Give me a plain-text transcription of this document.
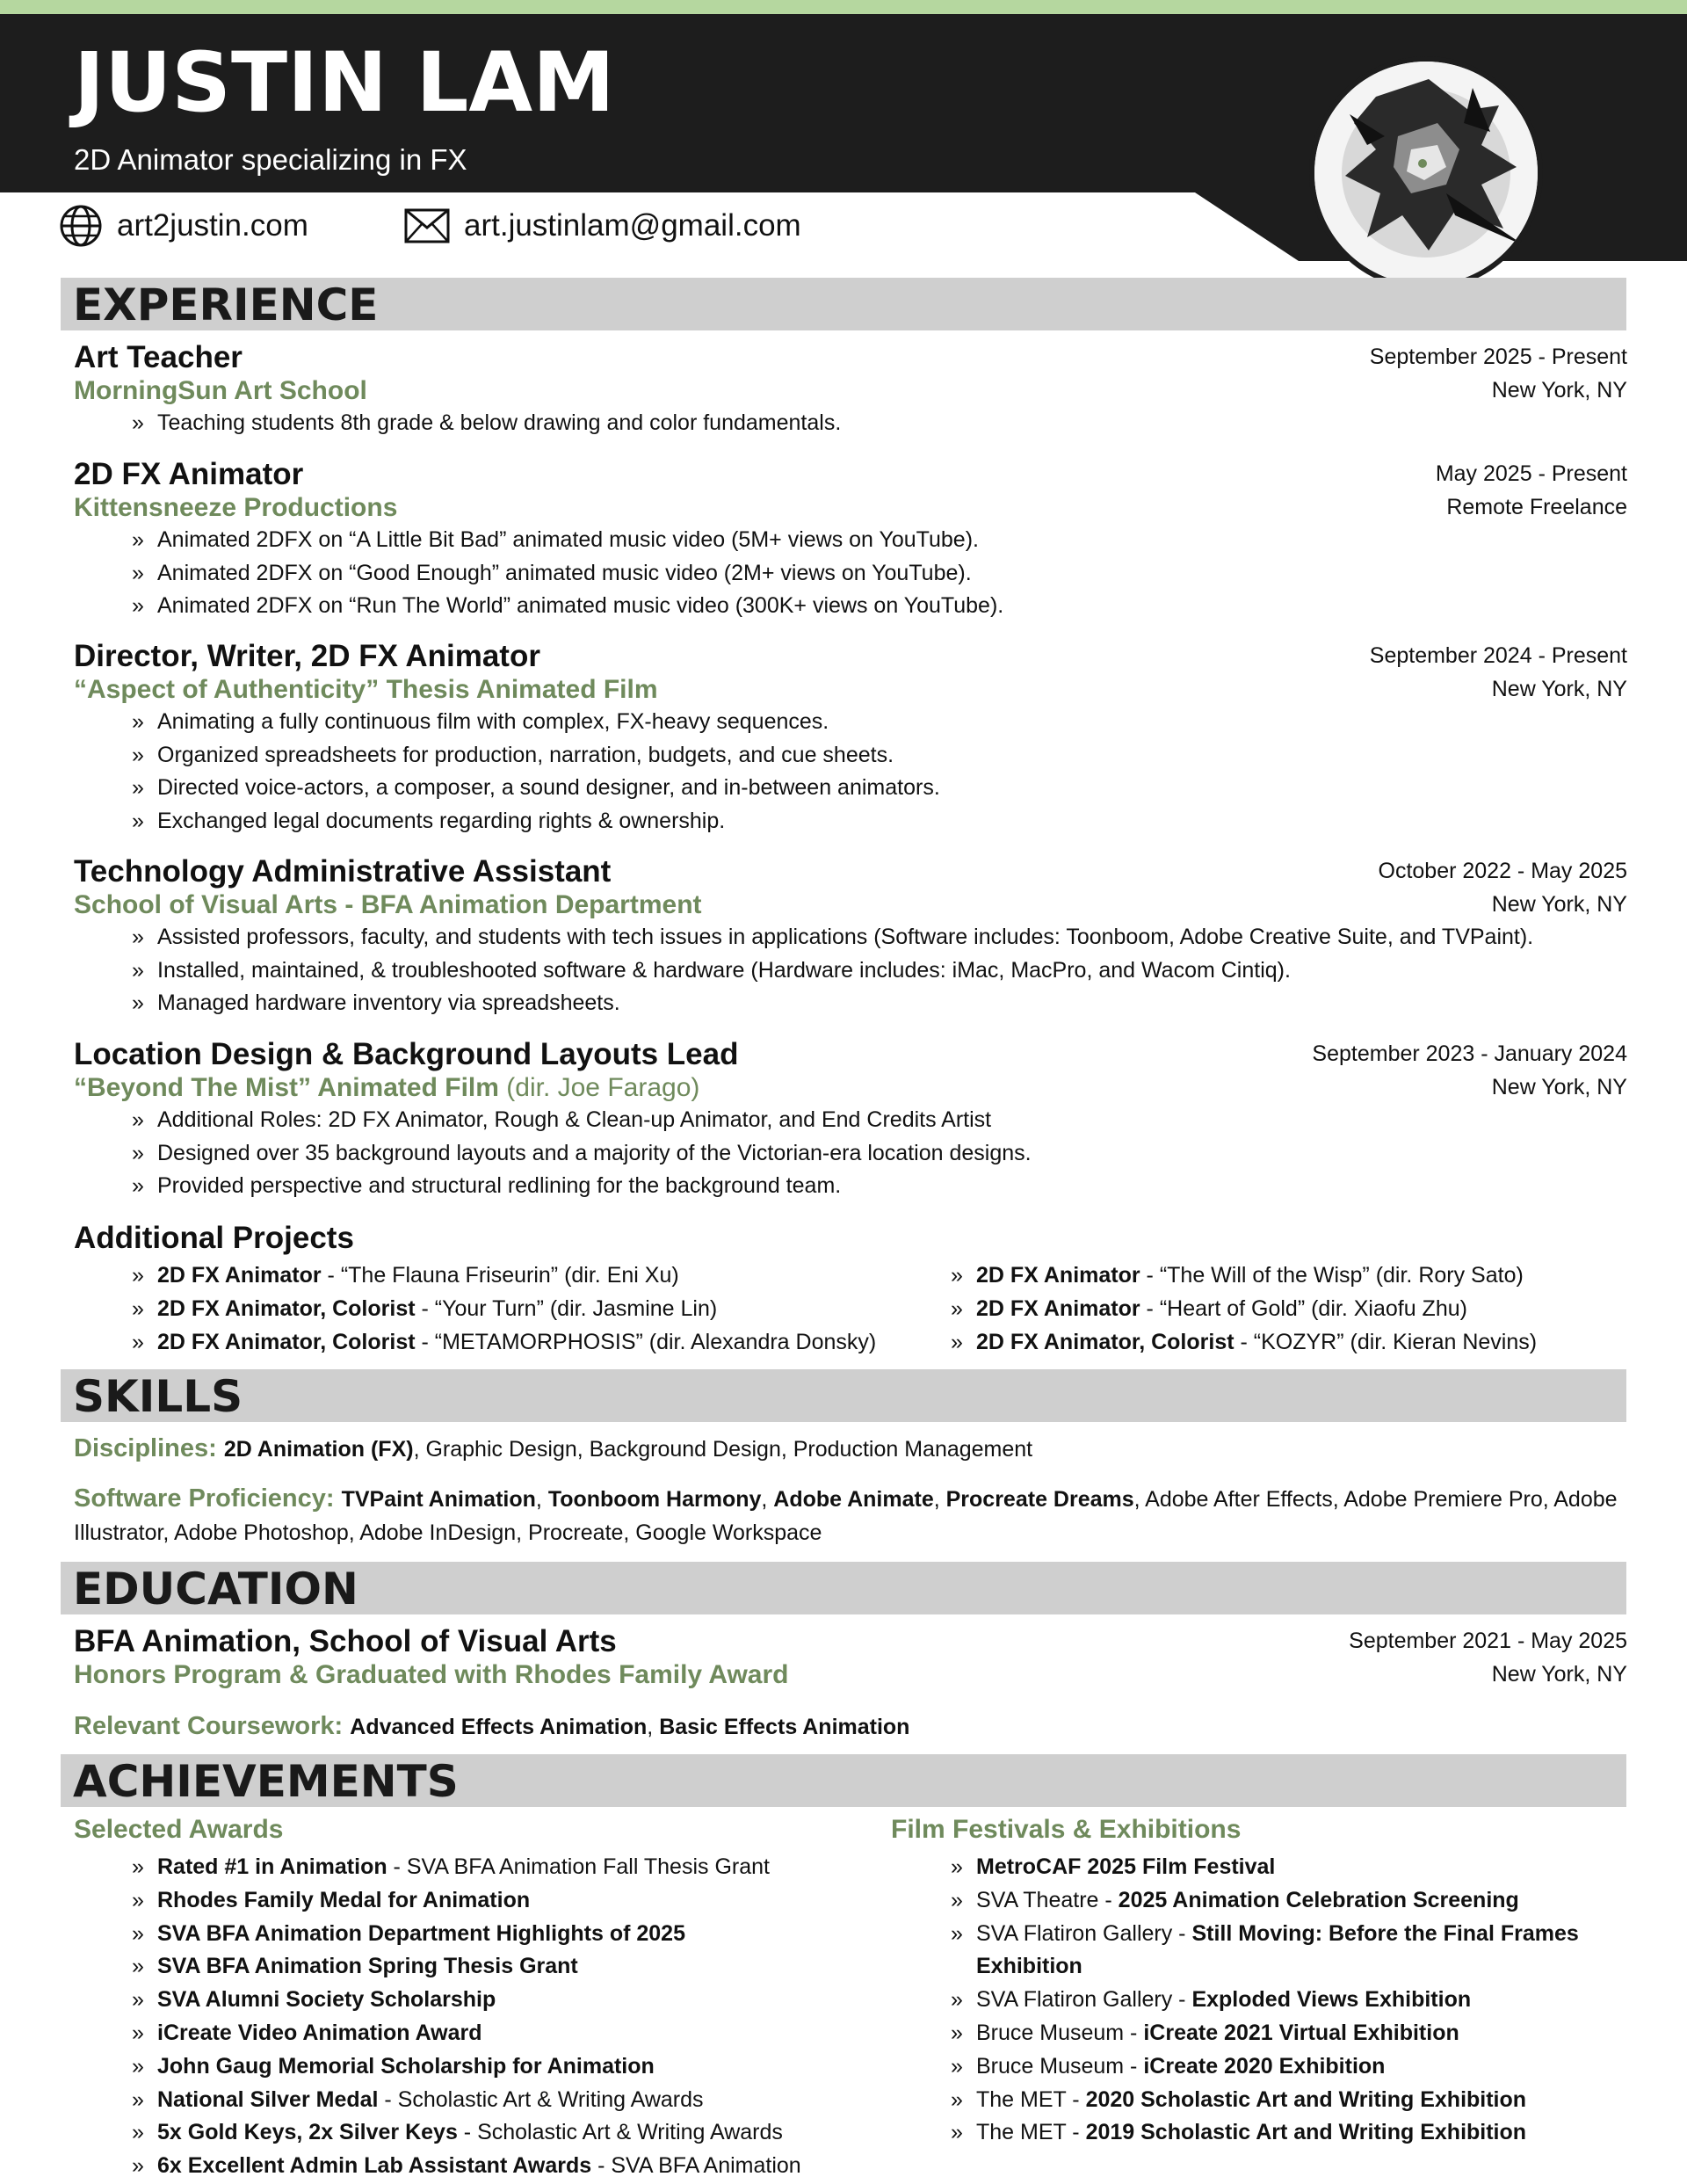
JUSTIN LAM
2D Animator specializing in FX
art2justin.com	art.justinlam@gmail.com
EXPERIENCE
Art Teacher
MorningSun Art School
September 2025 - Present
New York, NY
» Teaching students 8th grade & below drawing and color fundamentals.
2D FX Animator
Kittensneeze Productions
May 2025 - Present
Remote Freelance
» Animated 2DFX on “A Little Bit Bad” animated music video (5M+ views on YouTube).
» Animated 2DFX on “Good Enough” animated music video (2M+ views on YouTube).
» Animated 2DFX on “Run The World” animated music video (300K+ views on YouTube).
Director, Writer, 2D FX Animator
“Aspect of Authenticity” Thesis Animated Film
September 2024 - Present
New York, NY
» Animating a fully continuous film with complex, FX-heavy sequences.
» Organized spreadsheets for production, narration, budgets, and cue sheets.
» Directed voice-actors, a composer, a sound designer, and in-between animators.
» Exchanged legal documents regarding rights & ownership.
Technology Administrative Assistant
School of Visual Arts - BFA Animation Department
October 2022 - May 2025
New York, NY
» Assisted professors, faculty, and students with tech issues in applications (Software includes: Toonboom, Adobe Creative Suite, and TVPaint).
» Installed, maintained, & troubleshooted software & hardware (Hardware includes: iMac, MacPro, and Wacom Cintiq).
» Managed hardware inventory via spreadsheets.
Location Design & Background Layouts Lead
“Beyond The Mist” Animated Film (dir. Joe Farago)
September 2023 - January 2024
New York, NY
» Additional Roles: 2D FX Animator, Rough & Clean-up Animator, and End Credits Artist
» Designed over 35 background layouts and a majority of the Victorian-era location designs.
» Provided perspective and structural redlining for the background team.
Additional Projects
» 2D FX Animator - “The Flauna Friseurin” (dir. Eni Xu)
» 2D FX Animator, Colorist - “Your Turn” (dir. Jasmine Lin)
» 2D FX Animator, Colorist - “METAMORPHOSIS” (dir. Alexandra Donsky)
» 2D FX Animator - “The Will of the Wisp” (dir. Rory Sato)
» 2D FX Animator - “Heart of Gold” (dir. Xiaofu Zhu)
» 2D FX Animator, Colorist - “KOZYR” (dir. Kieran Nevins)
SKILLS
Disciplines: 2D Animation (FX), Graphic Design, Background Design, Production Management
Software Proficiency: TVPaint Animation, Toonboom Harmony, Adobe Animate, Procreate Dreams, Adobe After Effects, Adobe Premiere Pro, Adobe Illustrator, Adobe Photoshop, Adobe InDesign, Procreate, Google Workspace
EDUCATION
BFA Animation, School of Visual Arts
Honors Program & Graduated with Rhodes Family Award
September 2021 - May 2025
New York, NY
Relevant Coursework: Advanced Effects Animation, Basic Effects Animation
ACHIEVEMENTS
Selected Awards
» Rated #1 in Animation - SVA BFA Animation Fall Thesis Grant
» Rhodes Family Medal for Animation
» SVA BFA Animation Department Highlights of 2025
» SVA BFA Animation Spring Thesis Grant
» SVA Alumni Society Scholarship
» iCreate Video Animation Award
» John Gaug Memorial Scholarship for Animation
» National Silver Medal - Scholastic Art & Writing Awards
» 5x Gold Keys, 2x Silver Keys - Scholastic Art & Writing Awards
» 6x Excellent Admin Lab Assistant Awards - SVA BFA Animation
Film Festivals & Exhibitions
» MetroCAF 2025 Film Festival
» SVA Theatre - 2025 Animation Celebration Screening
» SVA Flatiron Gallery - Still Moving: Before the Final Frames Exhibition
» SVA Flatiron Gallery - Exploded Views Exhibition
» Bruce Museum - iCreate 2021 Virtual Exhibition
» Bruce Museum - iCreate 2020 Exhibition
» The MET - 2020 Scholastic Art and Writing Exhibition
» The MET - 2019 Scholastic Art and Writing Exhibition
